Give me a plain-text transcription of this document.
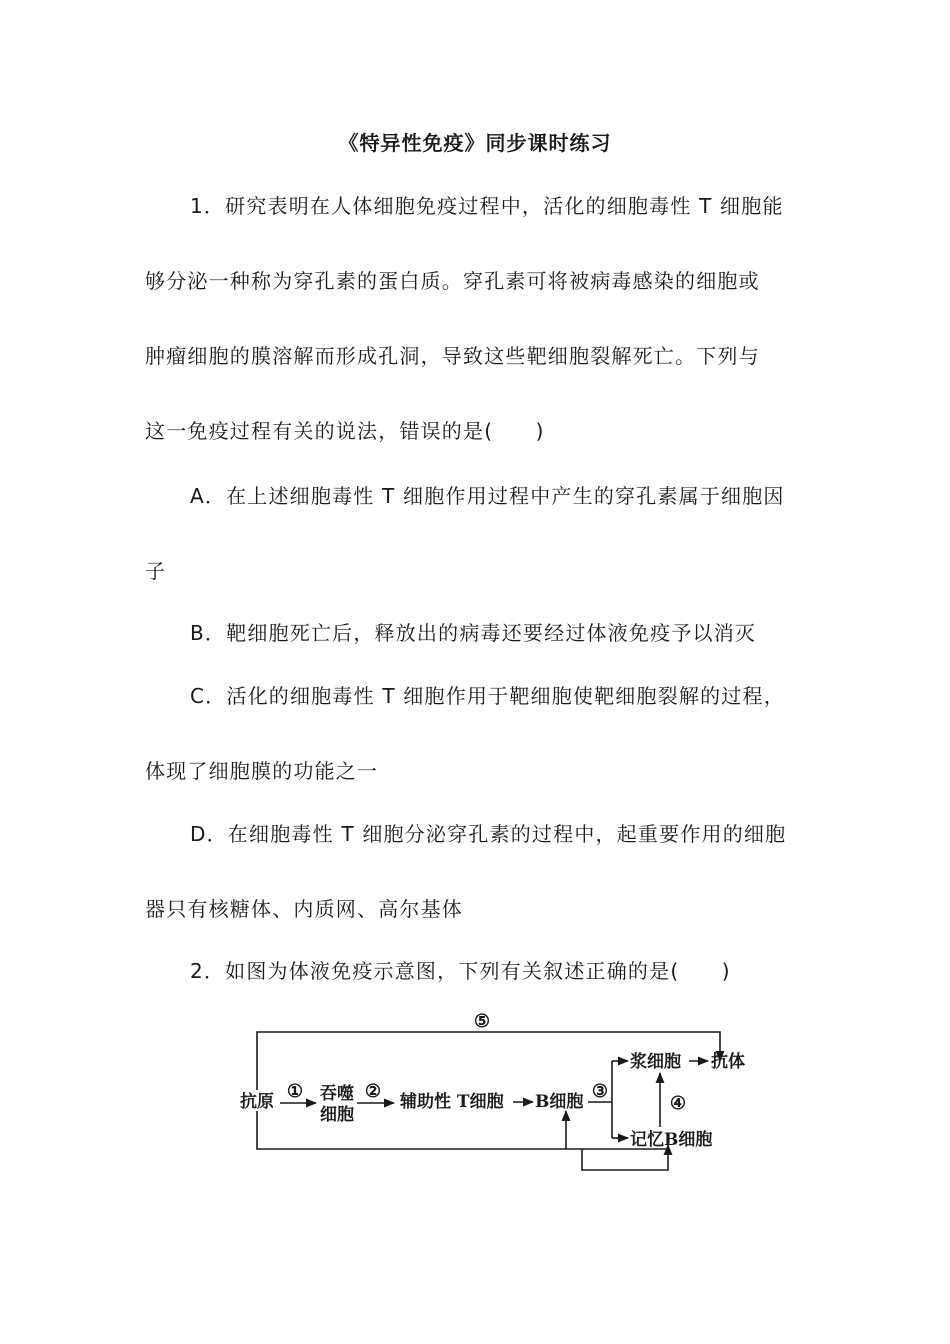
《特异性免疫》同步课时练习
1．研究表明在人体细胞免疫过程中，活化的细胞毒性 T 细胞能
够分泌一种称为穿孔素的蛋白质。穿孔素可将被病毒感染的细胞或
肿瘤细胞的膜溶解而形成孔洞，导致这些靶细胞裂解死亡。下列与
这一免疫过程有关的说法，错误的是(　　)
A．在上述细胞毒性 T 细胞作用过程中产生的穿孔素属于细胞因
子
B．靶细胞死亡后，释放出的病毒还要经过体液免疫予以消灭
C．活化的细胞毒性 T 细胞作用于靶细胞使靶细胞裂解的过程，
体现了细胞膜的功能之一
D．在细胞毒性 T 细胞分泌穿孔素的过程中，起重要作用的细胞
器只有核糖体、内质网、高尔基体
2．如图为体液免疫示意图，下列有关叙述正确的是(　　)
⑤
抗原 ① 吞噬
细胞
② 辅助性 T细胞 B细胞 ③
浆细胞 抗体
④
记忆B细胞
